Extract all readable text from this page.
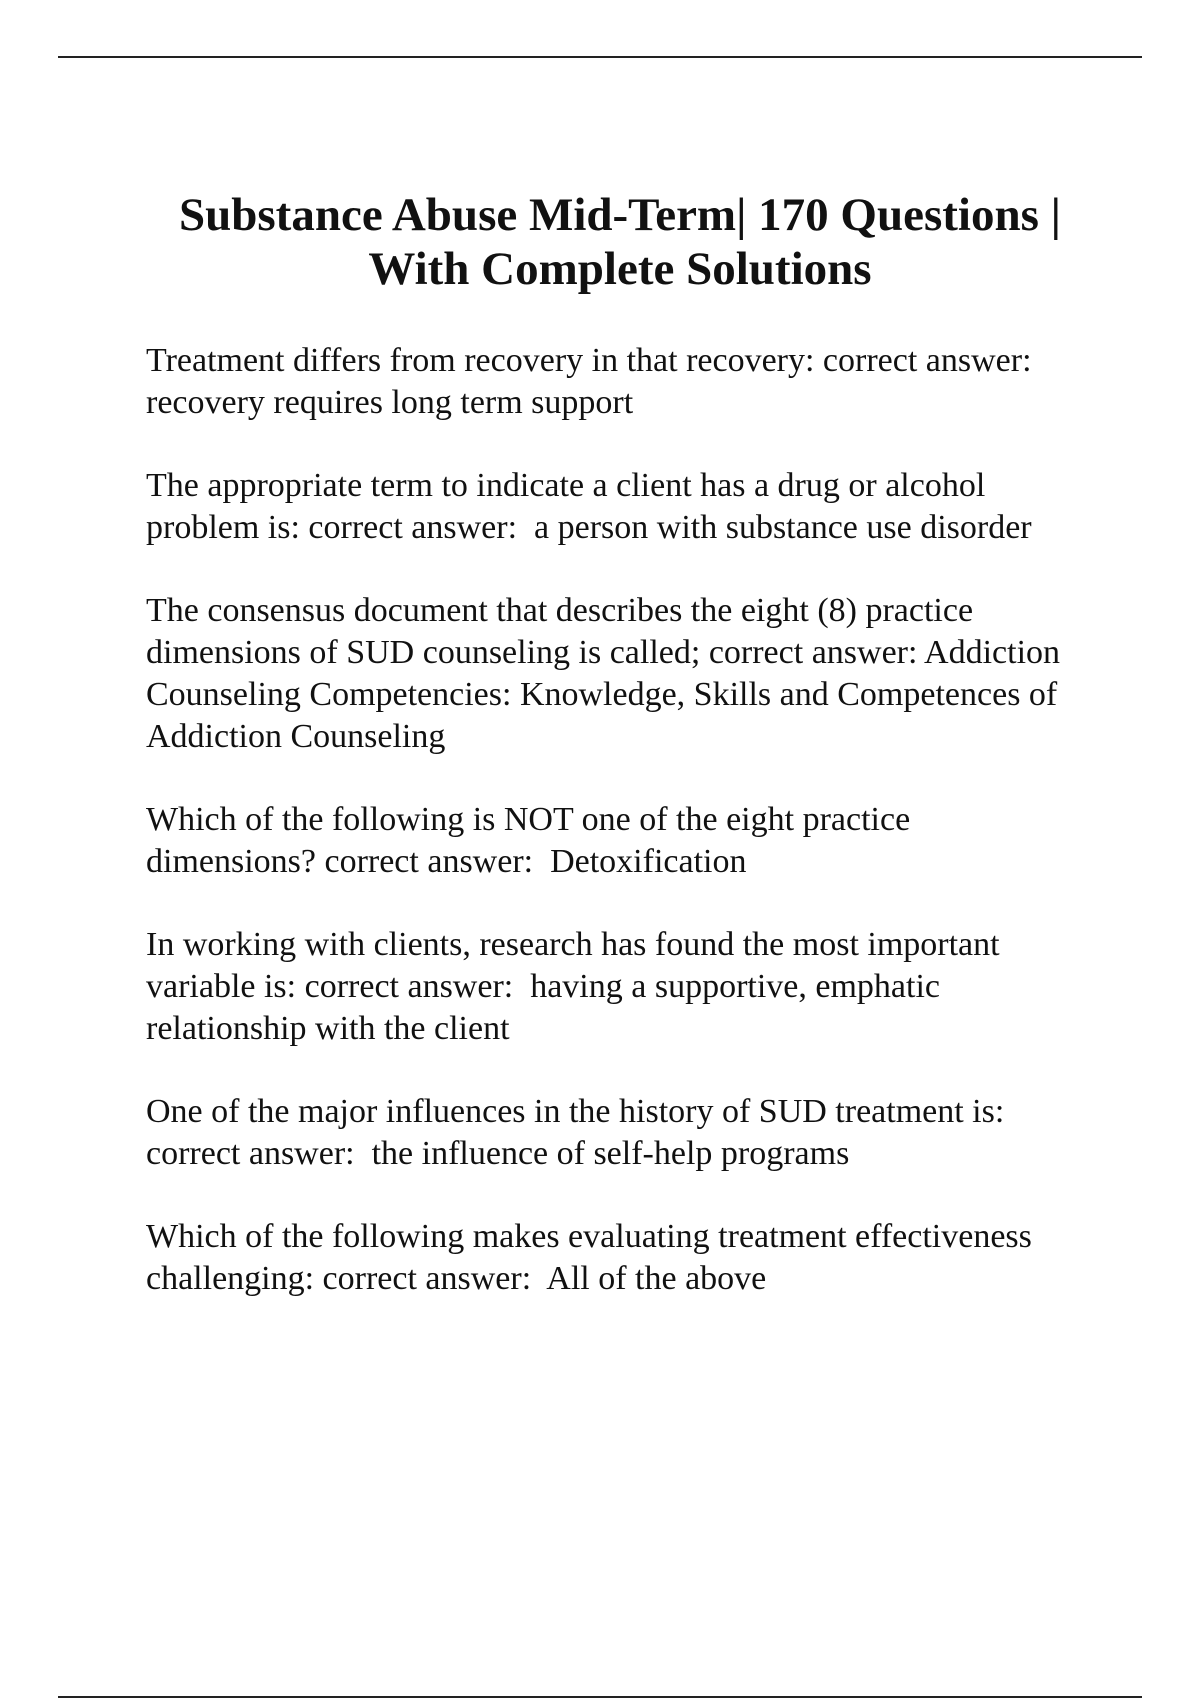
Substance Abuse Mid-Term| 170 Questions |
With Complete Solutions

Treatment differs from recovery in that recovery: correct answer:  recovery requires long term support

The appropriate term to indicate a client has a drug or alcohol problem is: correct answer:  a person with substance use disorder

The consensus document that describes the eight (8) practice dimensions of SUD counseling is called; correct answer: Addiction Counseling Competencies: Knowledge, Skills and Competences of Addiction Counseling

Which of the following is NOT one of the eight practice dimensions? correct answer:  Detoxification

In working with clients, research has found the most important variable is: correct answer:  having a supportive, emphatic relationship with the client

One of the major influences in the history of SUD treatment is: correct answer:  the influence of self-help programs

Which of the following makes evaluating treatment effectiveness challenging: correct answer:  All of the above
